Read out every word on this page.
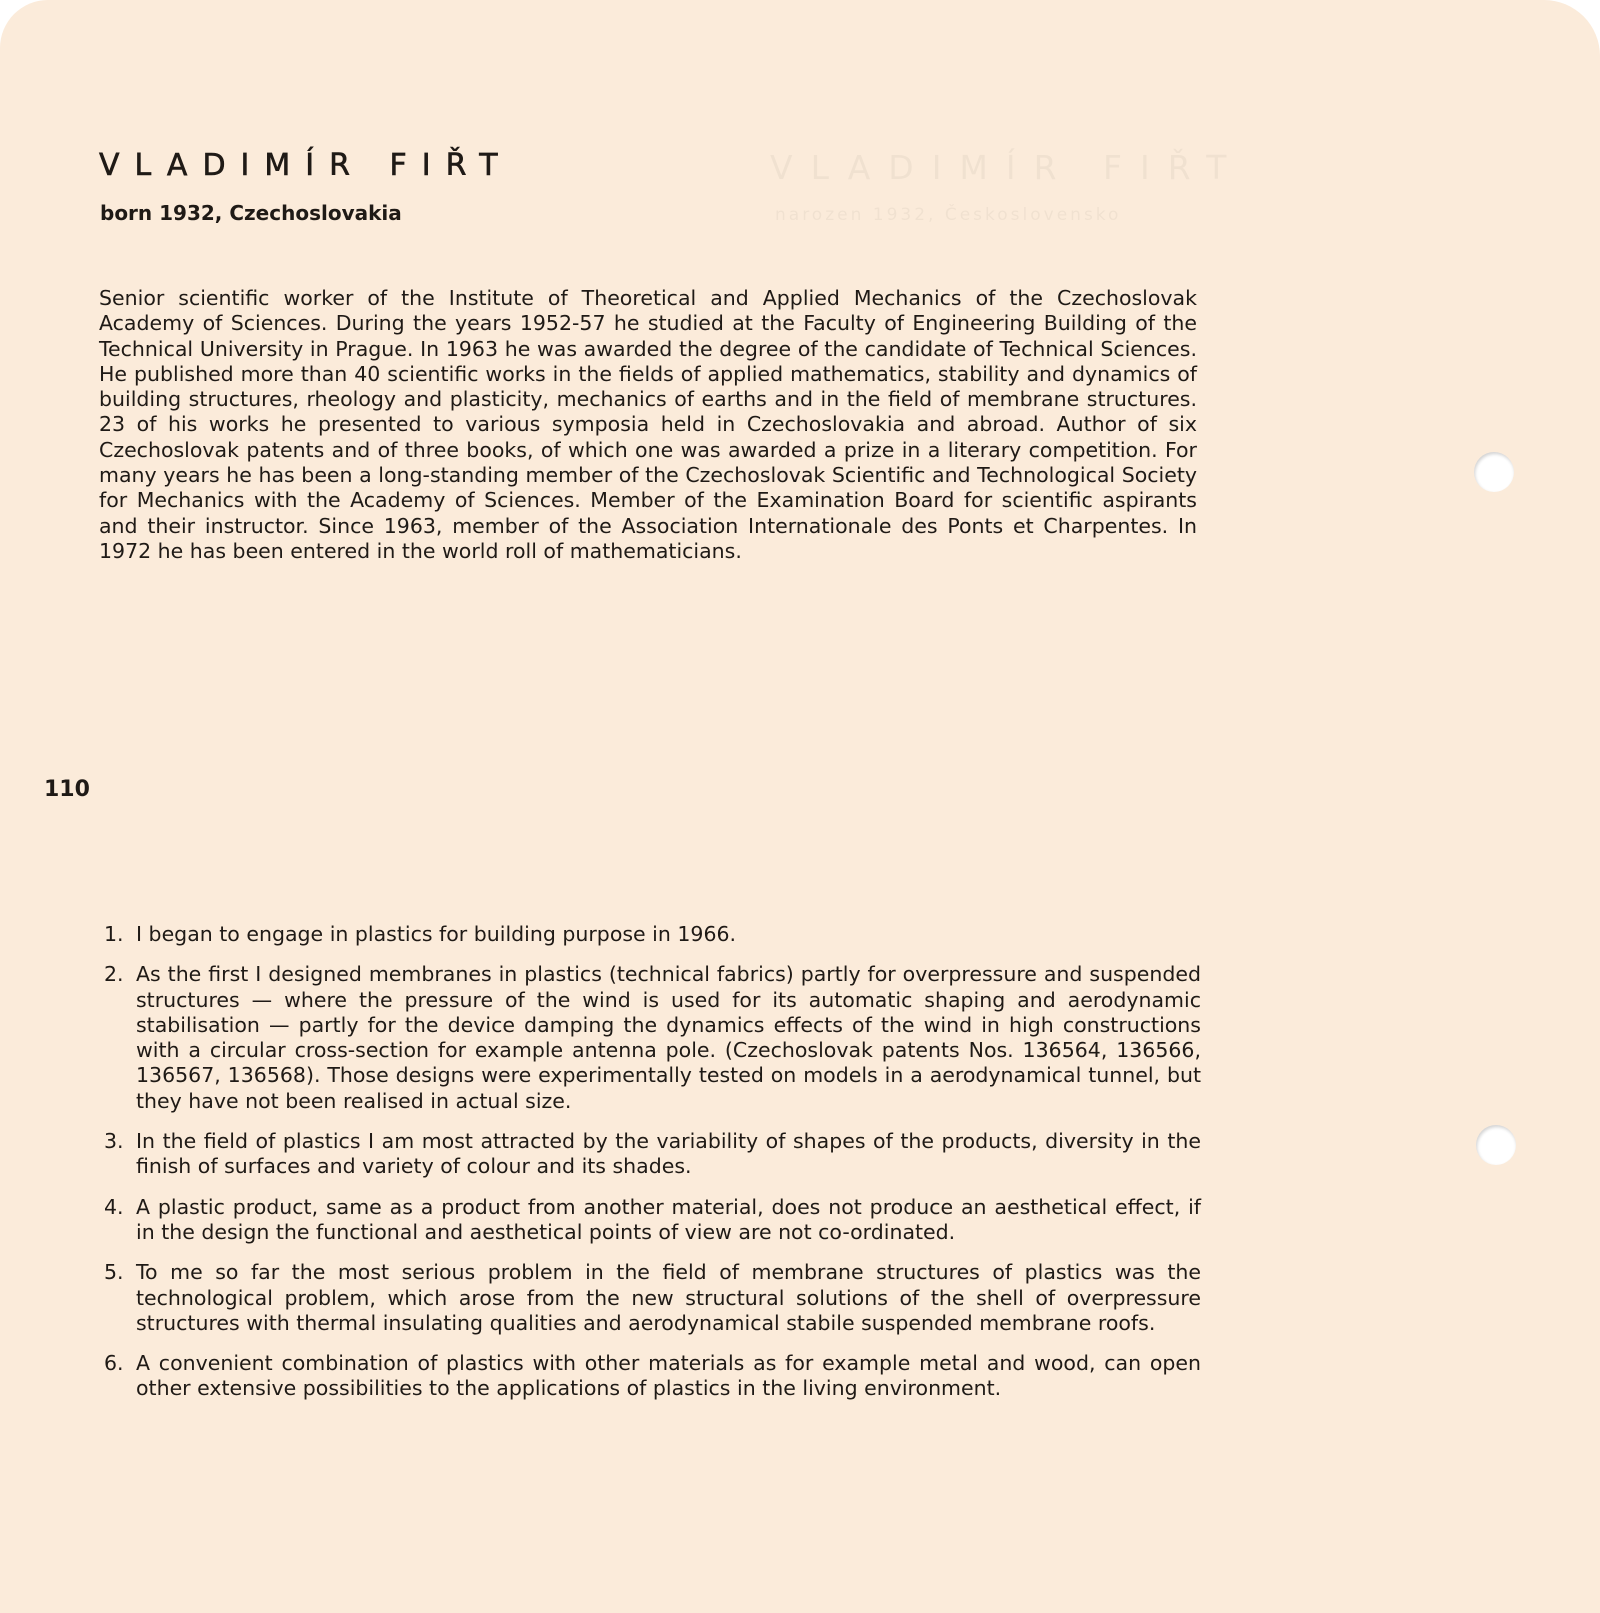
VLADIMÍR FIŘT

born 1932, Czechoslovakia

Senior scientific worker of the Institute of Theoretical and Applied Mechanics of the Czechoslovak Academy of Sciences. During the years 1952-57 he studied at the Faculty of Engineering Building of the Technical University in Prague. In 1963 he was awarded the degree of the candidate of Technical Sciences. He published more than 40 scientific works in the fields of applied mathematics, stability and dynamics of building structures, rheology and plasticity, mechanics of earths and in the field of membrane structures. 23 of his works he presented to various symposia held in Czechoslovakia and abroad. Author of six Czechoslovak patents and of three books, of which one was awarded a prize in a literary competition. For many years he has been a long-standing member of the Czechoslovak Scientific and Technological Society for Mechanics with the Academy of Sciences. Member of the Examination Board for scientific aspirants and their instructor. Since 1963, member of the Association Internationale des Ponts et Charpentes. In 1972 he has been entered in the world roll of mathematicians.

110

1. I began to engage in plastics for building purpose in 1966.
2. As the first I designed membranes in plastics (technical fabrics) partly for overpressure and suspended structures — where the pressure of the wind is used for its automatic shaping and aerodynamic stabilisation — partly for the device damping the dynamics effects of the wind in high constructions with a circular cross-section for example antenna pole. (Czechoslovak patents Nos. 136564, 136566, 136567, 136568). Those designs were experimentally tested on models in a aerodynamical tunnel, but they have not been realised in actual size.
3. In the field of plastics I am most attracted by the variability of shapes of the products, diversity in the finish of surfaces and variety of colour and its shades.
4. A plastic product, same as a product from another material, does not produce an aesthetical effect, if in the design the functional and aesthetical points of view are not co-ordinated.
5. To me so far the most serious problem in the field of membrane structures of plastics was the technological problem, which arose from the new structural solutions of the shell of overpressure structures with thermal insulating qualities and aerodynamical stabile suspended membrane roofs.
6. A convenient combination of plastics with other materials as for example metal and wood, can open other extensive possibilities to the applications of plastics in the living environment.
